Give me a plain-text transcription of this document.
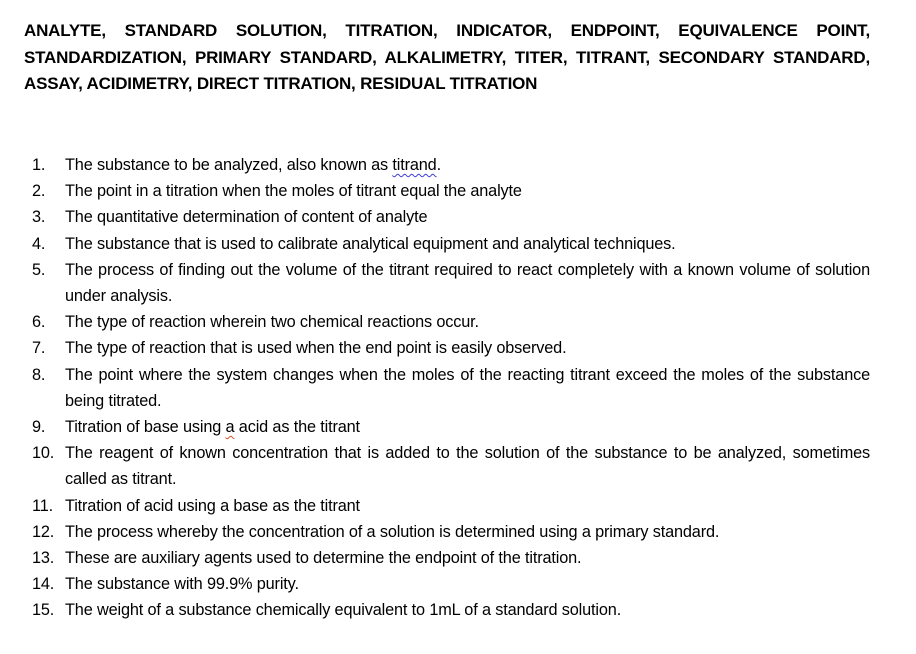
ANALYTE, STANDARD SOLUTION, TITRATION, INDICATOR, ENDPOINT, EQUIVALENCE POINT, STANDARDIZATION, PRIMARY STANDARD, ALKALIMETRY, TITER, TITRANT, SECONDARY STANDARD, ASSAY, ACIDIMETRY, DIRECT TITRATION, RESIDUAL TITRATION
1. The substance to be analyzed, also known as titrand.
2. The point in a titration when the moles of titrant equal the analyte
3. The quantitative determination of content of analyte
4. The substance that is used to calibrate analytical equipment and analytical techniques.
5. The process of finding out the volume of the titrant required to react completely with a known volume of solution under analysis.
6. The type of reaction wherein two chemical reactions occur.
7. The type of reaction that is used when the end point is easily observed.
8. The point where the system changes when the moles of the reacting titrant exceed the moles of the substance being titrated.
9. Titration of base using a acid as the titrant
10. The reagent of known concentration that is added to the solution of the substance to be analyzed, sometimes called as titrant.
11. Titration of acid using a base as the titrant
12. The process whereby the concentration of a solution is determined using a primary standard.
13. These are auxiliary agents used to determine the endpoint of the titration.
14. The substance with 99.9% purity.
15. The weight of a substance chemically equivalent to 1mL of a standard solution.
